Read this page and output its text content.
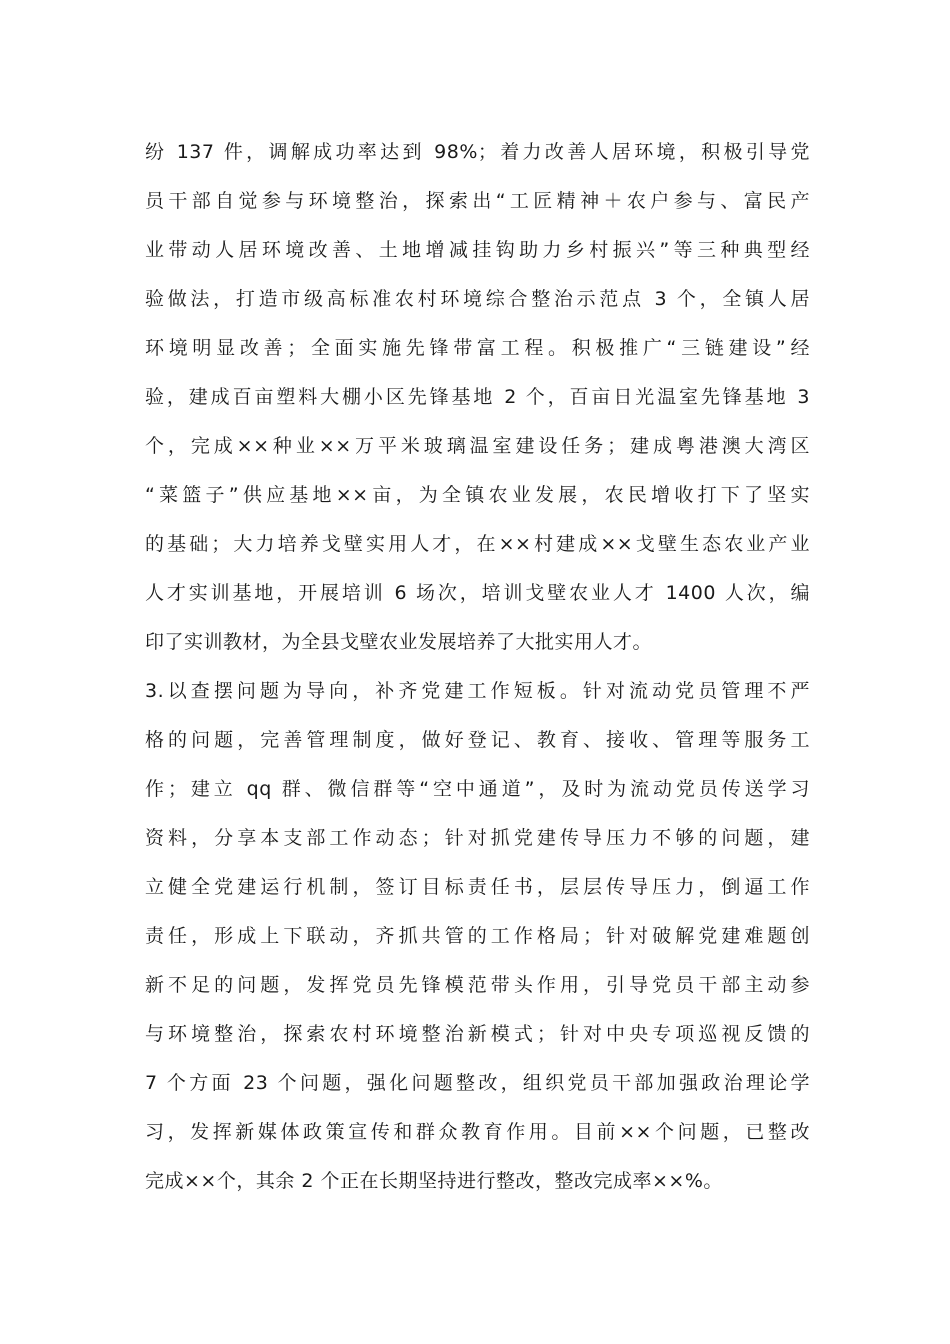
纷 137 件，调解成功率达到 98%；着力改善人居环境，积极引导党
员干部自觉参与环境整治，探索出“工匠精神＋农户参与、富民产
业带动人居环境改善、土地增减挂钩助力乡村振兴”等三种典型经
验做法，打造市级高标准农村环境综合整治示范点 3 个，全镇人居
环境明显改善；全面实施先锋带富工程。积极推广“三链建设”经
验，建成百亩塑料大棚小区先锋基地 2 个，百亩日光温室先锋基地 3
个，完成××种业××万平米玻璃温室建设任务；建成粤港澳大湾区
“菜篮子”供应基地××亩，为全镇农业发展，农民增收打下了坚实
的基础；大力培养戈壁实用人才，在××村建成××戈壁生态农业产业
人才实训基地，开展培训 6 场次，培训戈壁农业人才 1400 人次，编
印了实训教材，为全县戈壁农业发展培养了大批实用人才。
3.以查摆问题为导向，补齐党建工作短板。针对流动党员管理不严
格的问题，完善管理制度，做好登记、教育、接收、管理等服务工
作；建立 qq 群、微信群等“空中通道”，及时为流动党员传送学习
资料，分享本支部工作动态；针对抓党建传导压力不够的问题，建
立健全党建运行机制，签订目标责任书，层层传导压力，倒逼工作
责任，形成上下联动，齐抓共管的工作格局；针对破解党建难题创
新不足的问题，发挥党员先锋模范带头作用，引导党员干部主动参
与环境整治，探索农村环境整治新模式；针对中央专项巡视反馈的
7 个方面 23 个问题，强化问题整改，组织党员干部加强政治理论学
习，发挥新媒体政策宣传和群众教育作用。目前××个问题，已整改
完成××个，其余 2 个正在长期坚持进行整改，整改完成率××%。
